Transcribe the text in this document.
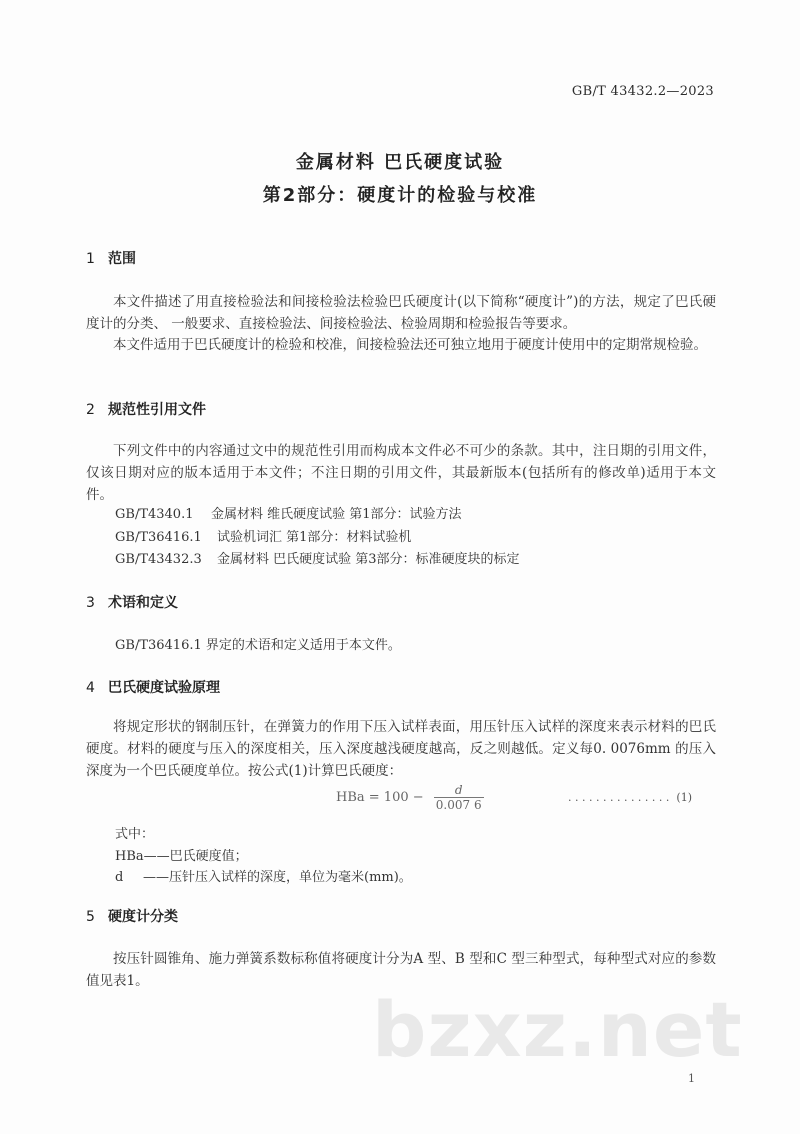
GB/T 43432.2—2023
金属材料 巴氏硬度试验
第2部分：硬度计的检验与校准
1 范围
本文件描述了用直接检验法和间接检验法检验巴氏硬度计(以下简称“硬度计”)的方法，规定了巴氏硬度计的分类、 一般要求、直接检验法、间接检验法、检验周期和检验报告等要求。
本文件适用于巴氏硬度计的检验和校准，间接检验法还可独立地用于硬度计使用中的定期常规检验。
2 规范性引用文件
下列文件中的内容通过文中的规范性引用而构成本文件必不可少的条款。其中，注日期的引用文件，仅该日期对应的版本适用于本文件；不注日期的引用文件，其最新版本(包括所有的修改单)适用于本文件。
GB/T4340.1 金属材料 维氏硬度试验 第1部分：试验方法
GB/T36416.1 试验机词汇 第1部分：材料试验机
GB/T43432.3 金属材料 巴氏硬度试验 第3部分：标准硬度块的标定
3 术语和定义
GB/T36416.1 界定的术语和定义适用于本文件。
4 巴氏硬度试验原理
将规定形状的钢制压针，在弹簧力的作用下压入试样表面，用压针压入试样的深度来表示材料的巴氏硬度。材料的硬度与压入的深度相关，压入深度越浅硬度越高，反之则越低。定义每0. 0076mm 的压入深度为一个巴氏硬度单位。按公式(1)计算巴氏硬度：
HBa = $100 - \frac{d}{0.007 6}$	. . . . . . . . . . . . . . .  (1)
式中：
HBa——巴氏硬度值；
d ——压针压入试样的深度，单位为毫米(mm)。
5 硬度计分类
按压针圆锥角、施力弹簧系数标称值将硬度计分为A 型、B 型和C 型三种型式，每种型式对应的参数值见表1。
bzxz.net
1
